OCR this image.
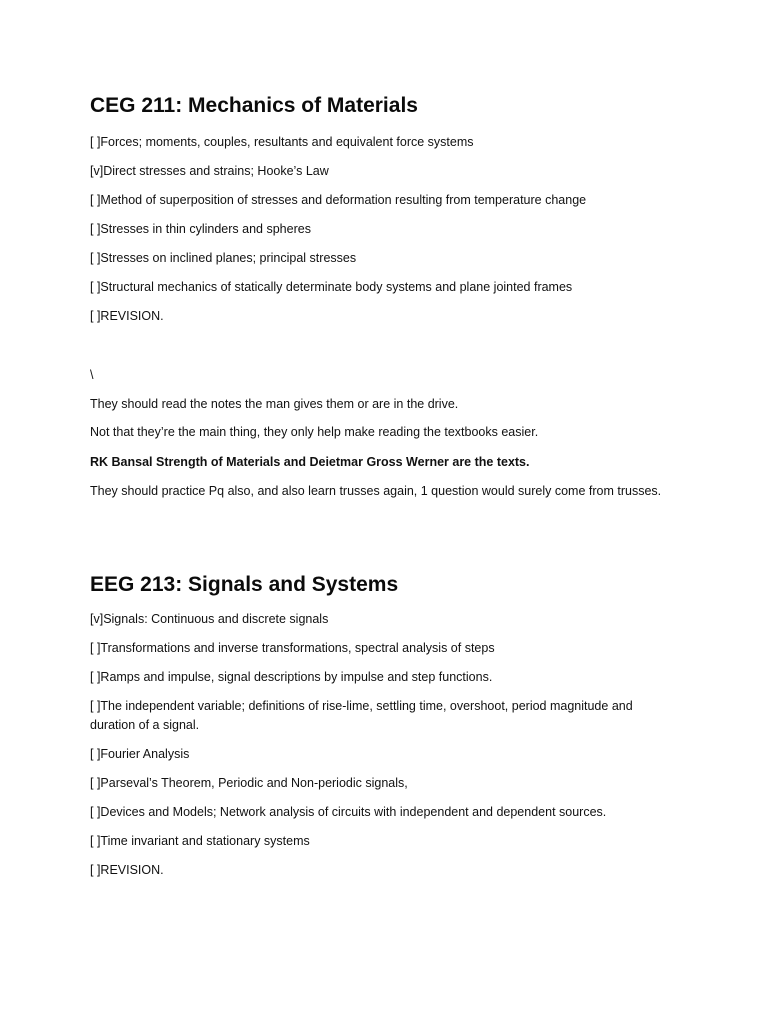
CEG 211: Mechanics of Materials

[ ]Forces; moments, couples, resultants and equivalent force systems

[v]Direct stresses and strains; Hooke’s Law

[ ]Method of superposition of stresses and deformation resulting from temperature change

[ ]Stresses in thin cylinders and spheres

[ ]Stresses on inclined planes; principal stresses

[ ]Structural mechanics of statically determinate body systems and plane jointed frames

[ ]REVISION.

\

They should read the notes the man gives them or are in the drive.

Not that they’re the main thing, they only help make reading the textbooks easier.

RK Bansal Strength of Materials and Deietmar Gross Werner are the texts.

They should practice Pq also, and also learn trusses again, 1 question would surely come from trusses.

EEG 213: Signals and Systems

[v]Signals: Continuous and discrete signals

[ ]Transformations and inverse transformations, spectral analysis of steps

[ ]Ramps and impulse, signal descriptions by impulse and step functions.

[ ]The independent variable; definitions of rise-lime, settling time, overshoot, period magnitude and duration of a signal.

[ ]Fourier Analysis

[ ]Parseval’s Theorem, Periodic and Non-periodic signals,

[ ]Devices and Models; Network analysis of circuits with independent and dependent sources.

[ ]Time invariant and stationary systems

[ ]REVISION.
